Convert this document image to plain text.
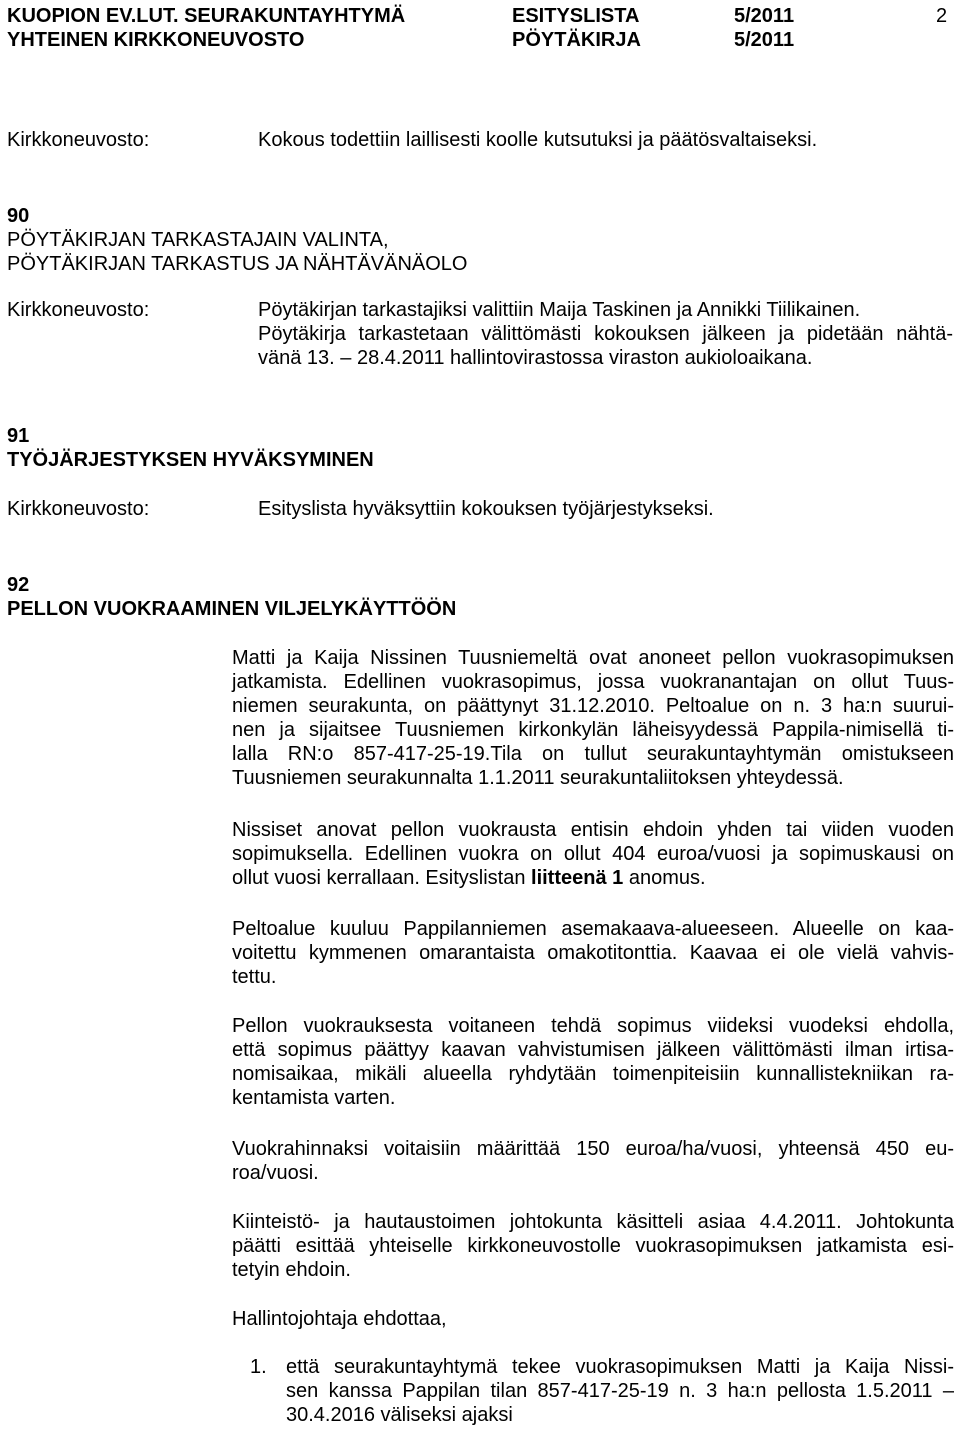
KUOPION EV.LUT. SEURAKUNTAYHTYMÄ
YHTEINEN KIRKKONEUVOSTO
ESITYSLISTA
PÖYTÄKIRJA
5/2011
5/2011
2
Kirkkoneuvosto:	Kokous todettiin laillisesti koolle kutsutuksi ja päätösvaltaiseksi.
90
PÖYTÄKIRJAN TARKASTAJAIN VALINTA,
PÖYTÄKIRJAN TARKASTUS JA NÄHTÄVÄNÄOLO
Kirkkoneuvosto:	Pöytäkirjan tarkastajiksi valittiin Maija Taskinen ja Annikki Tiilikainen.
Pöytäkirja tarkastetaan välittömästi kokouksen jälkeen ja pidetään nähtä-
vänä 13. – 28.4.2011 hallintovirastossa viraston aukioloaikana.
91
TYÖJÄRJESTYKSEN HYVÄKSYMINEN
Kirkkoneuvosto:	Esityslista hyväksyttiin kokouksen työjärjestykseksi.
92
PELLON VUOKRAAMINEN VILJELYKÄYTTÖÖN
Matti ja Kaija Nissinen Tuusniemeltä ovat anoneet pellon vuokrasopimuksen
jatkamista. Edellinen vuokrasopimus, jossa vuokranantajan on ollut Tuus-
niemen seurakunta, on päättynyt 31.12.2010. Peltoalue on n. 3 ha:n suurui-
nen ja sijaitsee Tuusniemen kirkonkylän läheisyydessä Pappila-nimisellä ti-
lalla RN:o 857-417-25-19.Tila on tullut seurakuntayhtymän omistukseen
Tuusniemen seurakunnalta 1.1.2011 seurakuntaliitoksen yhteydessä.
Nissiset anovat pellon vuokrausta entisin ehdoin yhden tai viiden vuoden
sopimuksella. Edellinen vuokra on ollut 404 euroa/vuosi ja sopimuskausi on
ollut vuosi kerrallaan. Esityslistan liitteenä 1 anomus.
Peltoalue kuuluu Pappilanniemen asemakaava-alueeseen. Alueelle on kaa-
voitettu kymmenen omarantaista omakotitonttia. Kaavaa ei ole vielä vahvis-
tettu.
Pellon vuokrauksesta voitaneen tehdä sopimus viideksi vuodeksi ehdolla,
että sopimus päättyy kaavan vahvistumisen jälkeen välittömästi ilman irtisa-
nomisaikaa, mikäli alueella ryhdytään toimenpiteisiin kunnallistekniikan ra-
kentamista varten.
Vuokrahinnaksi voitaisiin määrittää 150 euroa/ha/vuosi, yhteensä 450 eu-
roa/vuosi.
Kiinteistö- ja hautaustoimen johtokunta käsitteli asiaa 4.4.2011. Johtokunta
päätti esittää yhteiselle kirkkoneuvostolle vuokrasopimuksen jatkamista esi-
tetyin ehdoin.
Hallintojohtaja ehdottaa,
1. että seurakuntayhtymä tekee vuokrasopimuksen Matti ja Kaija Nissi-
sen kanssa Pappilan tilan 857-417-25-19 n. 3 ha:n pellosta 1.5.2011 –
30.4.2016 väliseksi ajaksi
